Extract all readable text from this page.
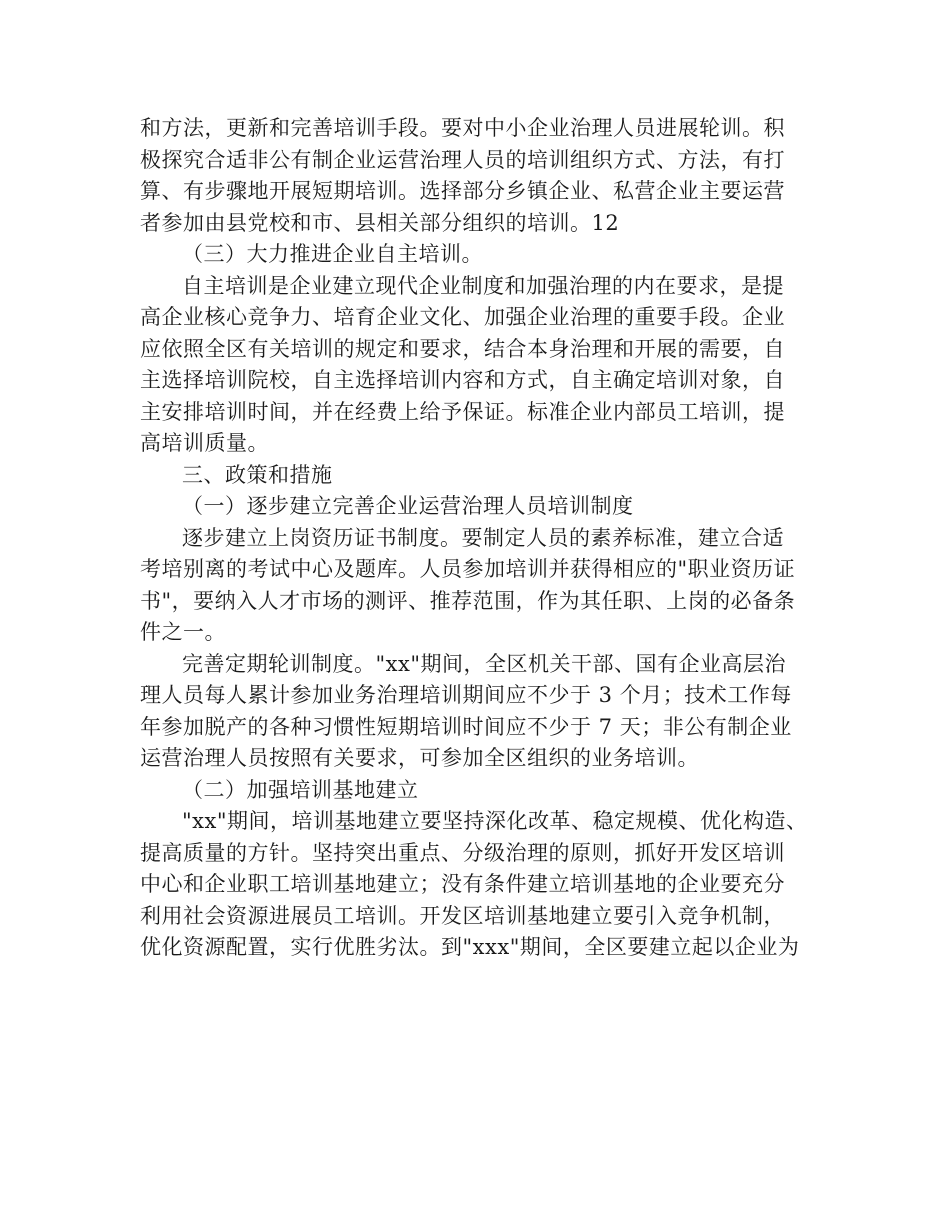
和方法，更新和完善培训手段。要对中小企业治理人员进展轮训。积
极探究合适非公有制企业运营治理人员的培训组织方式、方法，有打
算、有步骤地开展短期培训。选择部分乡镇企业、私营企业主要运营
者参加由县党校和市、县相关部分组织的培训。12
（三）大力推进企业自主培训。
自主培训是企业建立现代企业制度和加强治理的内在要求，是提
高企业核心竞争力、培育企业文化、加强企业治理的重要手段。企业
应依照全区有关培训的规定和要求，结合本身治理和开展的需要，自
主选择培训院校，自主选择培训内容和方式，自主确定培训对象，自
主安排培训时间，并在经费上给予保证。标准企业内部员工培训，提
高培训质量。
三、政策和措施
（一）逐步建立完善企业运营治理人员培训制度
逐步建立上岗资历证书制度。要制定人员的素养标准，建立合适
考培别离的考试中心及题库。人员参加培训并获得相应的"职业资历证
书"，要纳入人才市场的测评、推荐范围，作为其任职、上岗的必备条
件之一。
完善定期轮训制度。"xx"期间，全区机关干部、国有企业高层治
理人员每人累计参加业务治理培训期间应不少于 3 个月；技术工作每
年参加脱产的各种习惯性短期培训时间应不少于 7 天；非公有制企业
运营治理人员按照有关要求，可参加全区组织的业务培训。
（二）加强培训基地建立
"xx"期间，培训基地建立要坚持深化改革、稳定规模、优化构造、
提高质量的方针。坚持突出重点、分级治理的原则，抓好开发区培训
中心和企业职工培训基地建立；没有条件建立培训基地的企业要充分
利用社会资源进展员工培训。开发区培训基地建立要引入竞争机制，
优化资源配置，实行优胜劣汰。到"xxx"期间，全区要建立起以企业为
